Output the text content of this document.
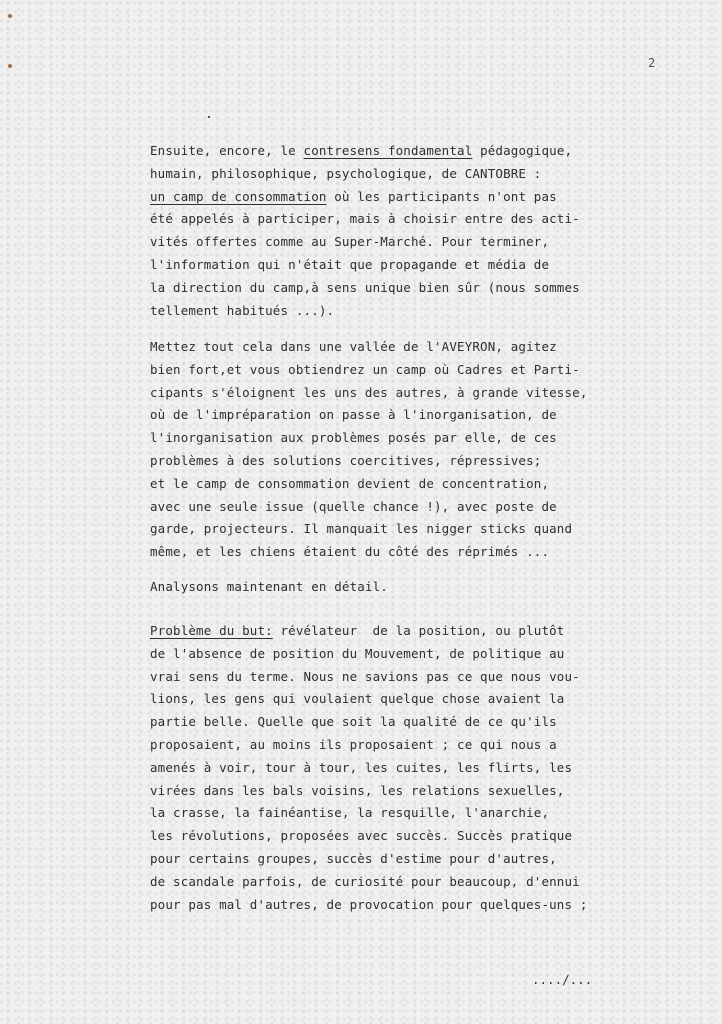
2
Ensuite, encore, le contresens fondamental pédagogique,
humain, philosophique, psychologique, de CANTOBRE :
un camp de consommation où les participants n'ont pas
été appelés à participer, mais à choisir entre des acti-
vités offertes comme au Super-Marché. Pour terminer,
l'information qui n'était que propagande et média de
la direction du camp,à sens unique bien sûr (nous sommes
tellement habitués ...).
Mettez tout cela dans une vallée de l'AVEYRON, agitez
bien fort,et vous obtiendrez un camp où Cadres et Parti-
cipants s'éloignent les uns des autres, à grande vitesse,
où de l'impréparation on passe à l'inorganisation, de
l'inorganisation aux problèmes posés par elle, de ces
problèmes à des solutions coercitives, répressives;
et le camp de consommation devient de concentration,
avec une seule issue (quelle chance !), avec poste de
garde, projecteurs. Il manquait les nigger sticks quand
même, et les chiens étaient du côté des réprimés ...
Analysons maintenant en détail.
Problème du but: révélateur  de la position, ou plutôt
de l'absence de position du Mouvement, de politique au
vrai sens du terme. Nous ne savions pas ce que nous vou-
lions, les gens qui voulaient quelque chose avaient la
partie belle. Quelle que soit la qualité de ce qu'ils
proposaient, au moins ils proposaient ; ce qui nous a
amenés à voir, tour à tour, les cuites, les flirts, les
virées dans les bals voisins, les relations sexuelles,
la crasse, la fainéantise, la resquille, l'anarchie,
les révolutions, proposées avec succès. Succès pratique
pour certains groupes, succès d'estime pour d'autres,
de scandale parfois, de curiosité pour beaucoup, d'ennui
pour pas mal d'autres, de provocation pour quelques-uns ;
..../...
